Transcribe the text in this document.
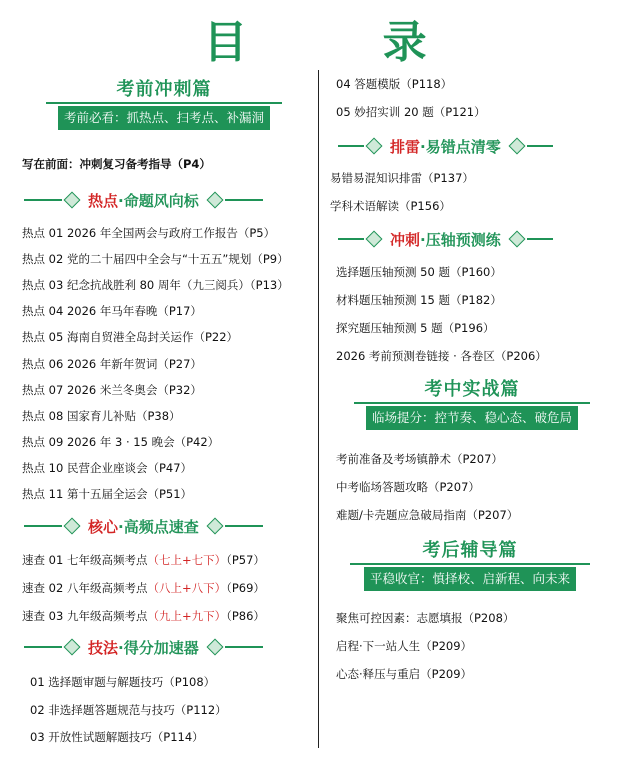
目 录
考前冲刺篇
考前必看：抓热点、扫考点、补漏洞
写在前面：冲刺复习备考指导（P4）
热点·命题风向标
热点 01 2026 年全国两会与政府工作报告（P5）
热点 02 党的二十届四中全会与“十五五”规划（P9）
热点 03 纪念抗战胜利 80 周年（九三阅兵）（P13）
热点 04 2026 年马年春晚（P17）
热点 05 海南自贸港全岛封关运作（P22）
热点 06 2026 年新年贺词（P27）
热点 07 2026 米兰冬奥会（P32）
热点 08 国家育儿补贴（P38）
热点 09 2026 年 3 · 15 晚会（P42）
热点 10 民营企业座谈会（P47）
热点 11 第十五届全运会（P51）
核心·高频点速查
速查 01 七年级高频考点（七上+七下）（P57）
速查 02 八年级高频考点（八上+八下）（P69）
速查 03 九年级高频考点（九上+九下）（P86）
技法·得分加速器
01 选择题审题与解题技巧（P108）
02 非选择题答题规范与技巧（P112）
03 开放性试题解题技巧（P114）
04 答题模版（P118）
05 妙招实训 20 题（P121）
排雷·易错点清零
易错易混知识排雷（P137）
学科术语解读（P156）
冲刺·压轴预测练
选择题压轴预测 50 题（P160）
材料题压轴预测 15 题（P182）
探究题压轴预测 5 题（P196）
2026 考前预测卷链接 · 各卷区（P206）
考中实战篇
临场提分：控节奏、稳心态、破危局
考前准备及考场镇静术（P207）
中考临场答题攻略（P207）
难题/卡壳题应急破局指南（P207）
考后辅导篇
平稳收官：慎择校、启新程、向未来
聚焦可控因素：志愿填报（P208）
启程·下一站人生（P209）
心态·释压与重启（P209）
